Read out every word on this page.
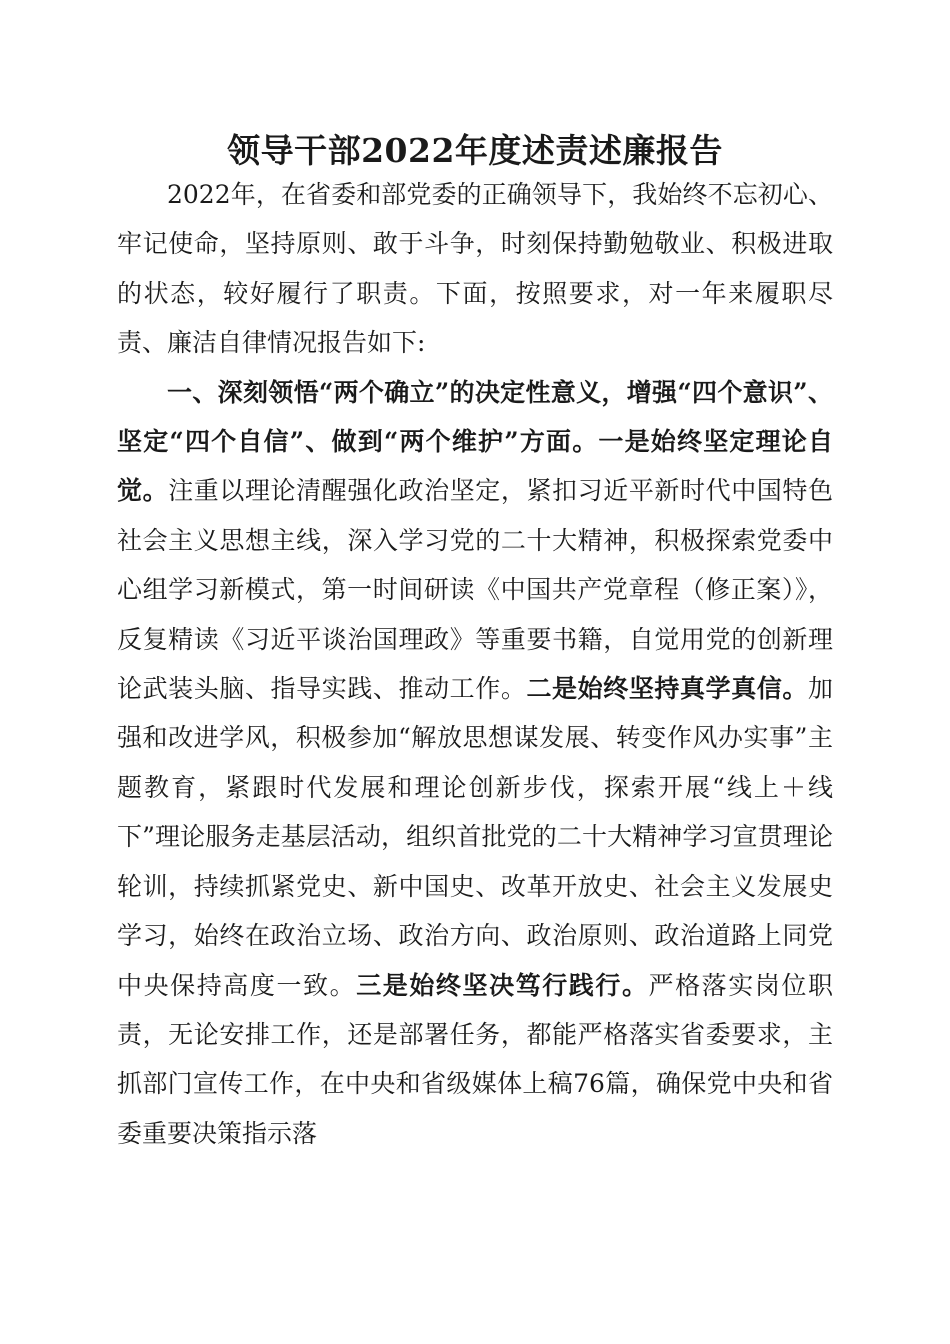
领导干部2022年度述责述廉报告

2022年，在省委和部党委的正确领导下，我始终不忘初心、牢记使命，坚持原则、敢于斗争，时刻保持勤勉敬业、积极进取的状态，较好履行了职责。下面，按照要求，对一年来履职尽责、廉洁自律情况报告如下:

一、深刻领悟“两个确立”的决定性意义，增强“四个意识”、坚定“四个自信”、做到“两个维护”方面。一是始终坚定理论自觉。注重以理论清醒强化政治坚定，紧扣习近平新时代中国特色社会主义思想主线，深入学习党的二十大精神，积极探索党委中心组学习新模式，第一时间研读《中国共产党章程（修正案）》，反复精读《习近平谈治国理政》等重要书籍，自觉用党的创新理论武装头脑、指导实践、推动工作。二是始终坚持真学真信。加强和改进学风，积极参加“解放思想谋发展、转变作风办实事”主题教育，紧跟时代发展和理论创新步伐，探索开展“线上＋线下”理论服务走基层活动，组织首批党的二十大精神学习宣贯理论轮训，持续抓紧党史、新中国史、改革开放史、社会主义发展史学习，始终在政治立场、政治方向、政治原则、政治道路上同党中央保持高度一致。三是始终坚决笃行践行。严格落实岗位职责，无论安排工作，还是部署任务，都能严格落实省委要求，主抓部门宣传工作，在中央和省级媒体上稿76篇，确保党中央和省委重要决策指示落
